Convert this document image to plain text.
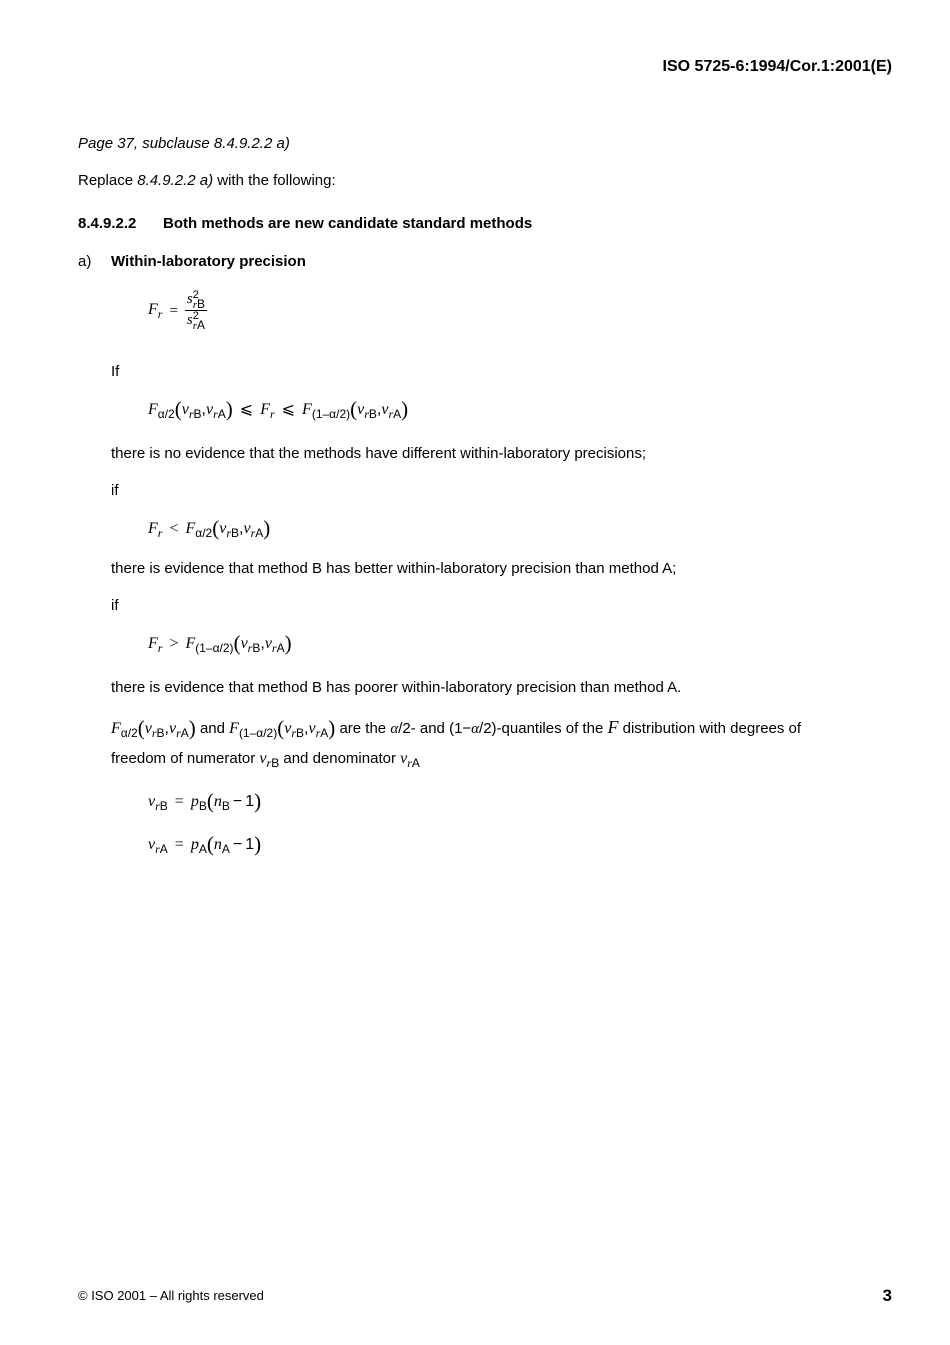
ISO 5725-6:1994/Cor.1:2001(E)
Page 37, subclause 8.4.9.2.2 a)
Replace 8.4.9.2.2 a) with the following:
8.4.9.2.2 Both methods are new candidate standard methods
a) Within-laboratory precision
$F_r = s$ 2
rB
s 2
rA
If
$F_{\alpha/2}(\nu_{rB},\nu_{rA})$ ⩽ $F_r$ ⩽ $F_{(1-\alpha/2)}(\nu_{rB},\nu_{rA})$
there is no evidence that the methods have different within-laboratory precisions;
if
$F_r < F_{\alpha/2}(\nu_{rB},\nu_{rA})$
there is evidence that method B has better within-laboratory precision than method A;
if
$F_r > F_{(1-\alpha/2)}(\nu_{rB},\nu_{rA})$
there is evidence that method B has poorer within-laboratory precision than method A.
$F_{\alpha/2}(\nu_{rB},\nu_{rA})$ and $F_{(1-\alpha/2)}(\nu_{rB},\nu_{rA})$ are the α/2- and (1−α/2)-quantiles of the F distribution with degrees of
freedom of numerator $\nu_{rB}$ and denominator $\nu_{rA}$
$\nu_{rB} = p_B(n_B - 1)$
$\nu_{rA} = p_A(n_A - 1)$
© ISO 2001 – All rights reserved	3
